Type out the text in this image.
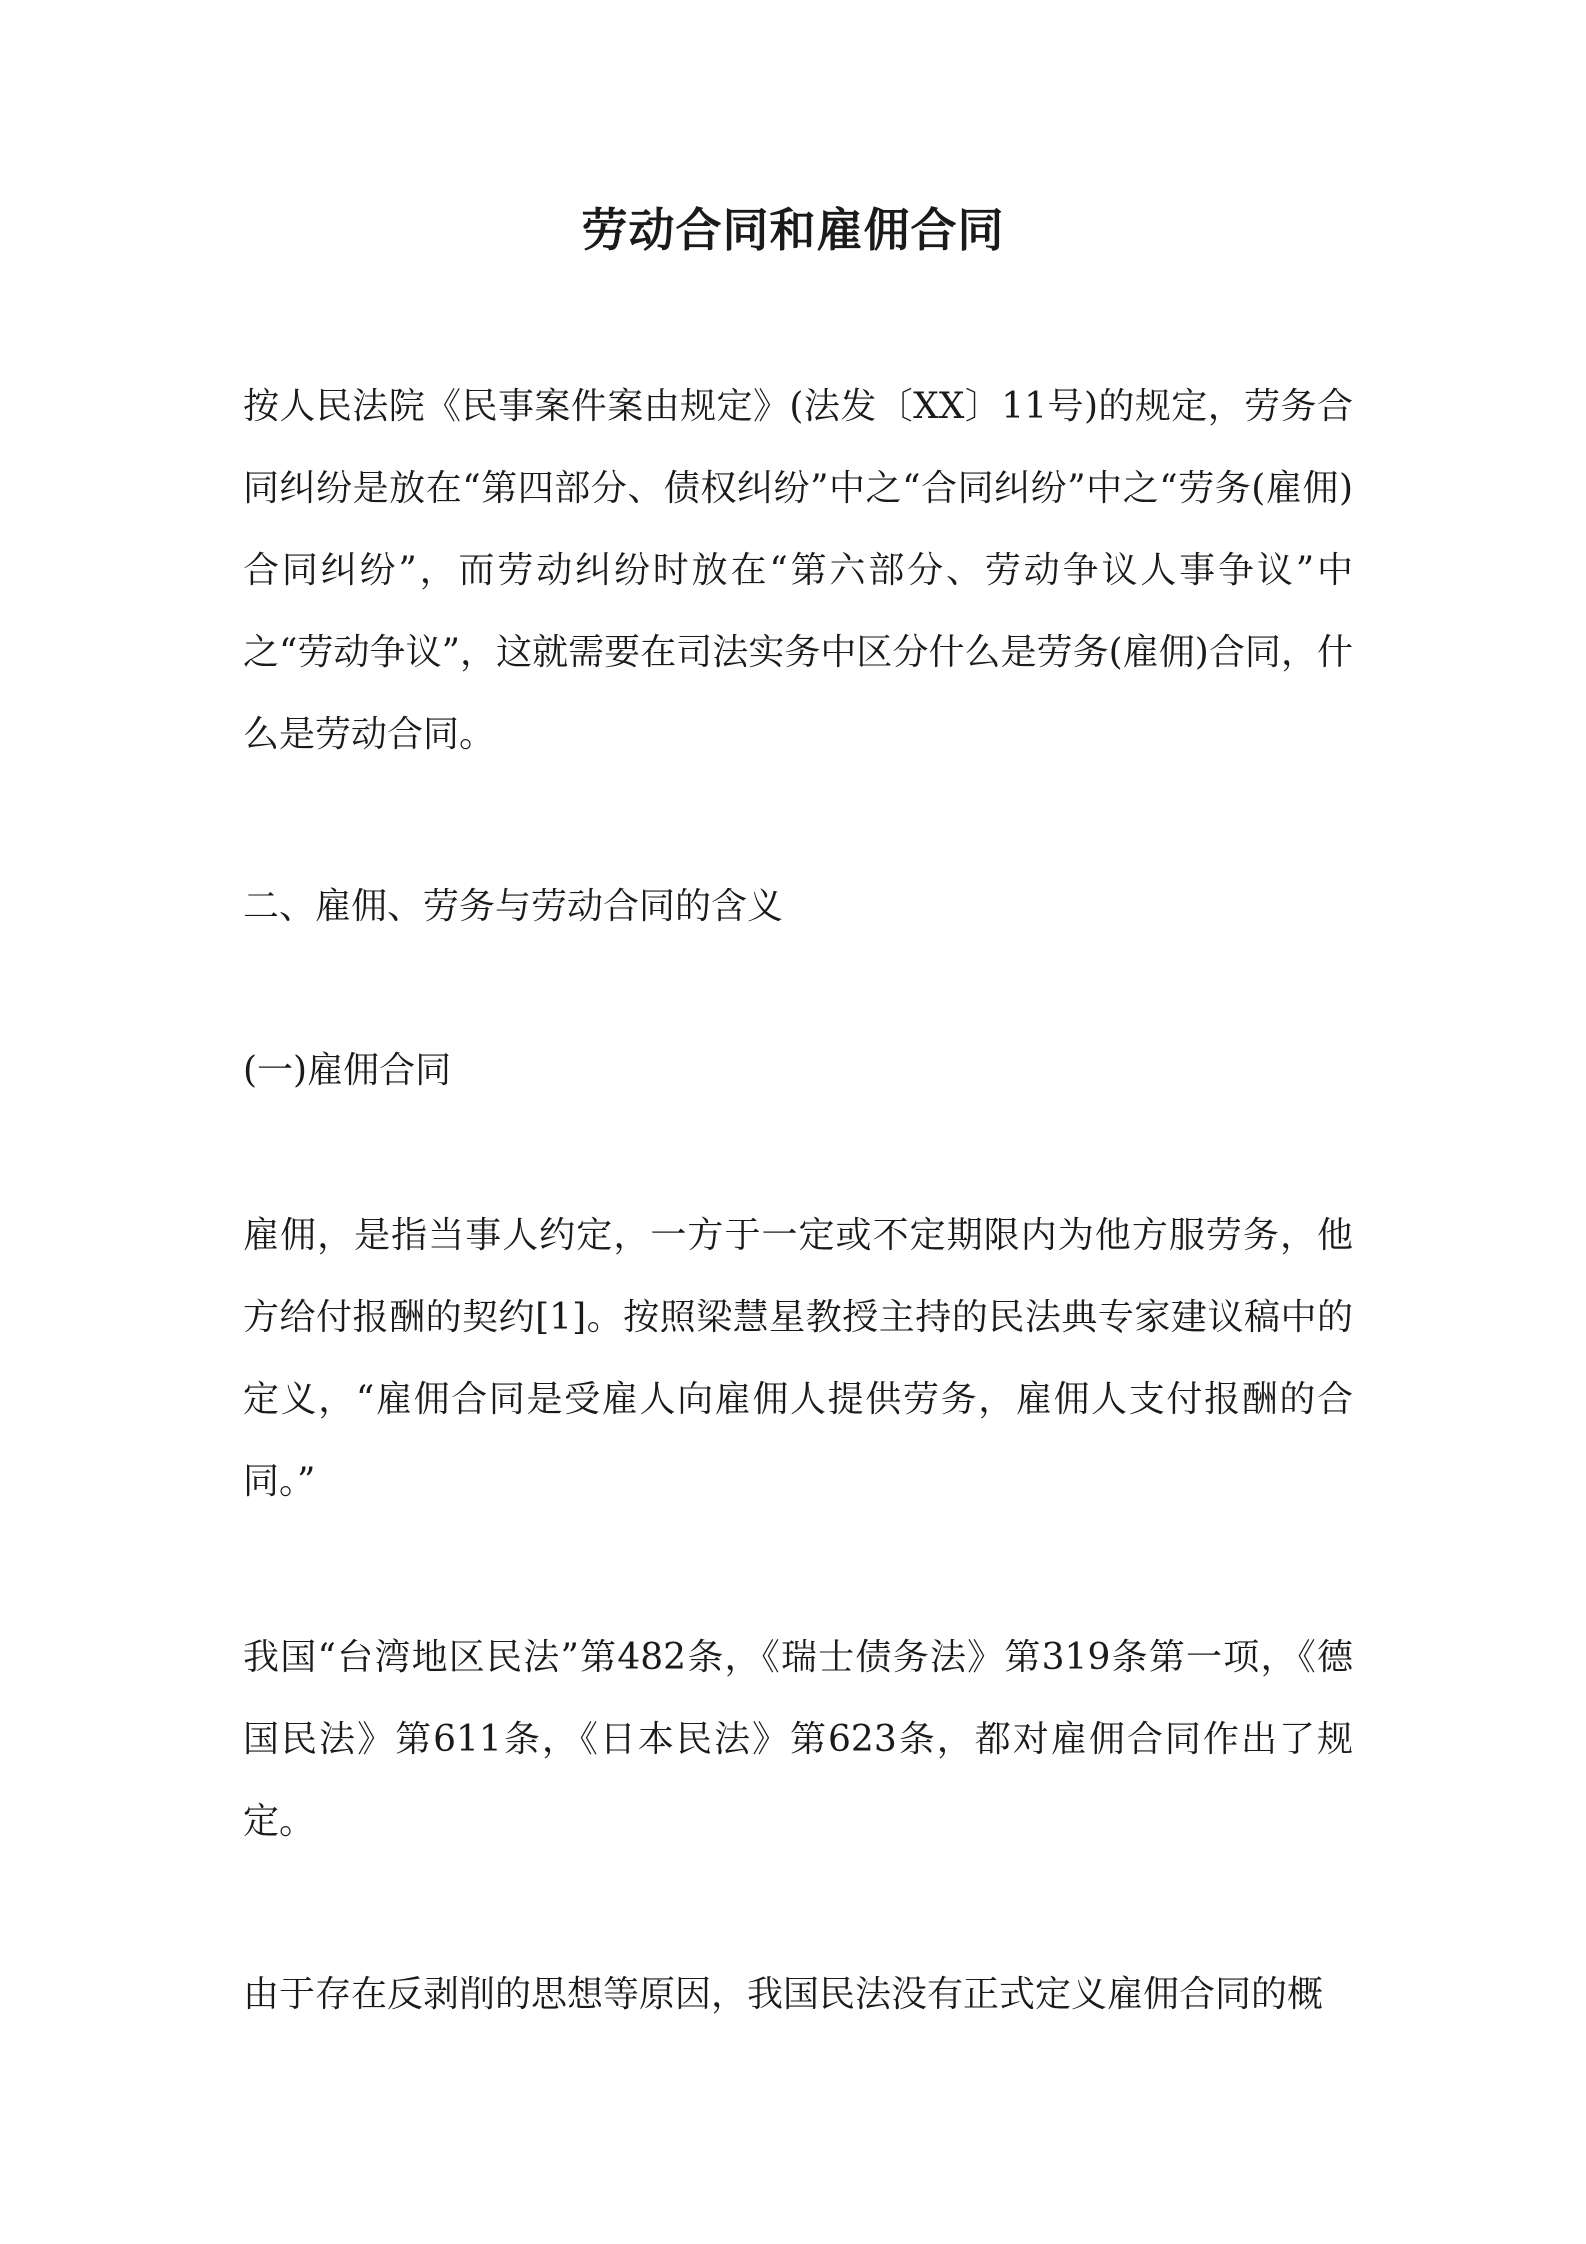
劳动合同和雇佣合同
按人民法院《民事案件案由规定》(法发〔XX〕11号)的规定，劳务合同纠纷是放在“第四部分、债权纠纷”中之“合同纠纷”中之“劳务(雇佣)合同纠纷”，而劳动纠纷时放在“第六部分、劳动争议人事争议”中之“劳动争议”，这就需要在司法实务中区分什么是劳务(雇佣)合同，什么是劳动合同。
二、雇佣、劳务与劳动合同的含义
(一)雇佣合同
雇佣，是指当事人约定，一方于一定或不定期限内为他方服劳务，他方给付报酬的契约[1]。按照梁慧星教授主持的民法典专家建议稿中的定义，“雇佣合同是受雇人向雇佣人提供劳务，雇佣人支付报酬的合同。”
我国“台湾地区民法”第482条，《瑞士债务法》第319条第一项，《德国民法》第611条，《日本民法》第623条，都对雇佣合同作出了规定。
由于存在反剥削的思想等原因，我国民法没有正式定义雇佣合同的概
